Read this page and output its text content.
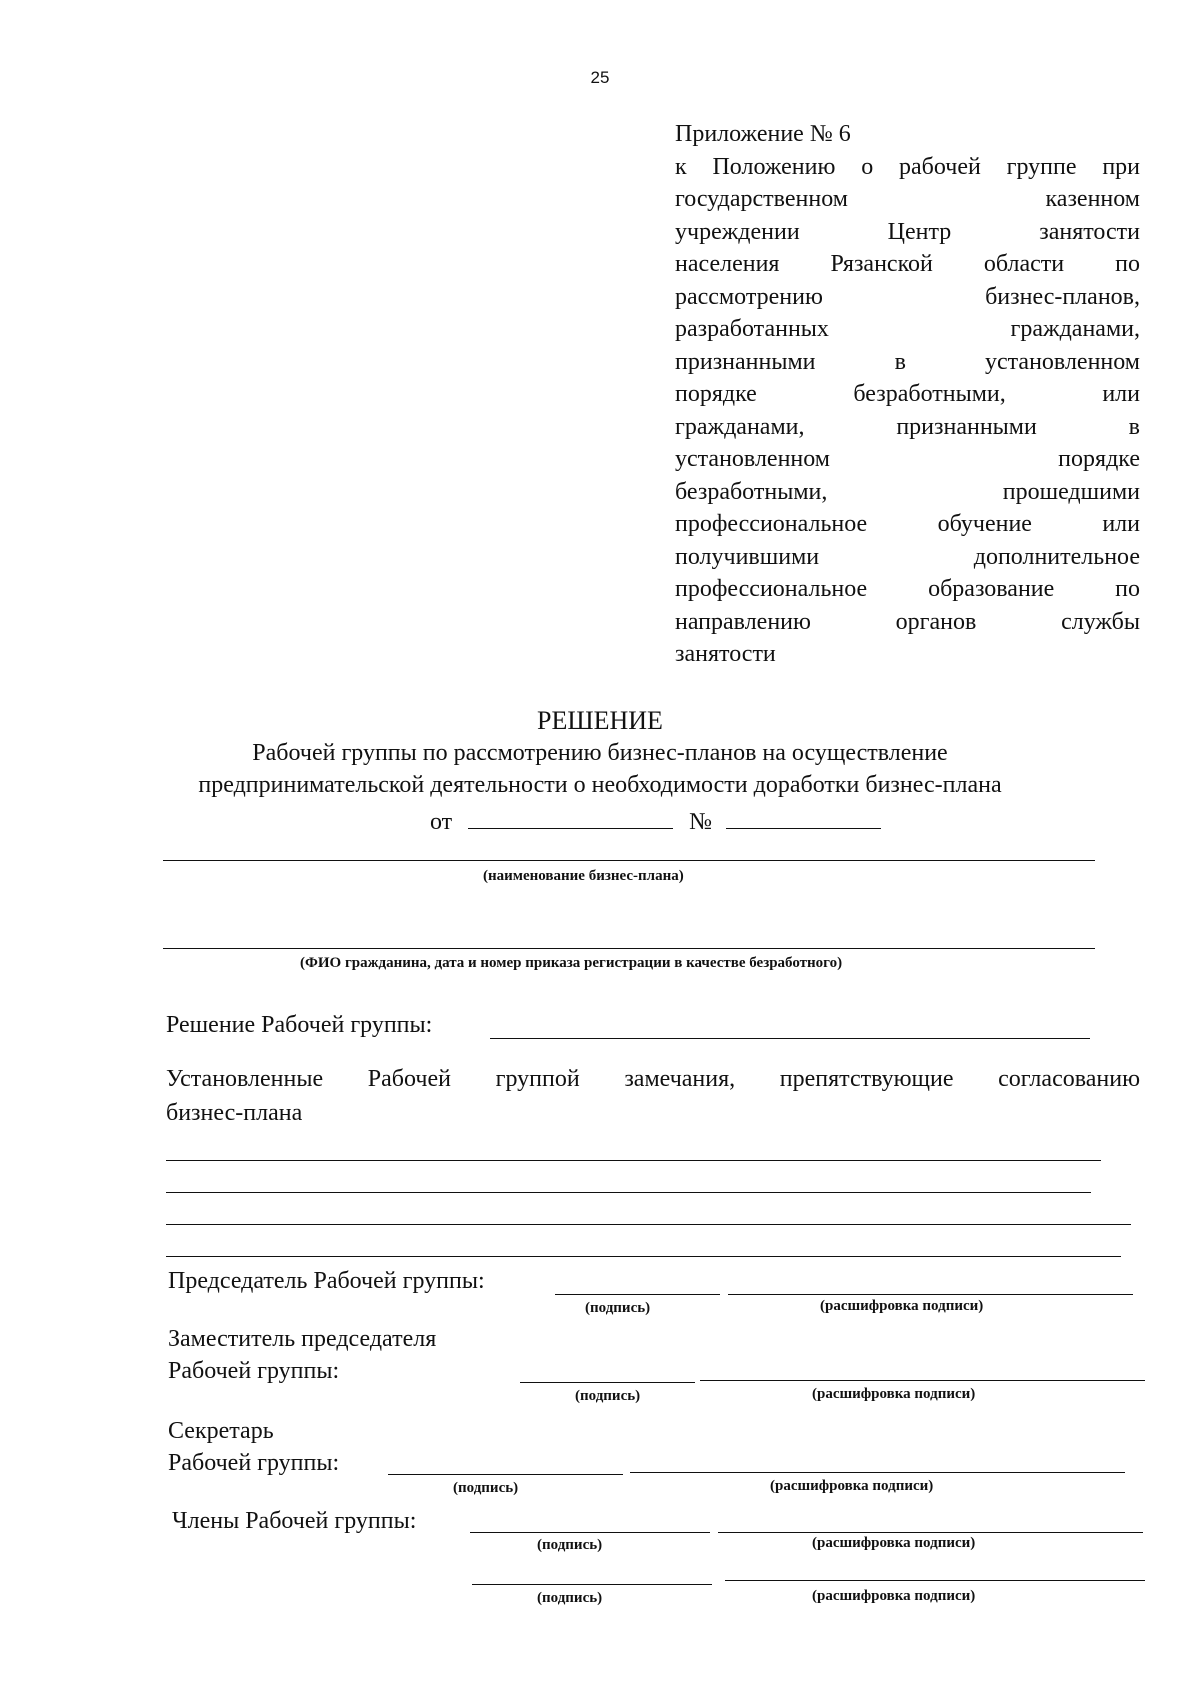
25
Приложение № 6
к Положению о рабочей группе при
государственном казенном
учреждении Центр занятости
населения Рязанской области по
рассмотрению бизнес-планов,
разработанных гражданами,
признанными в установленном
порядке безработными, или
гражданами, признанными в
установленном порядке
безработными, прошедшими
профессиональное обучение или
получившими дополнительное
профессиональное образование по
направлению органов службы
занятости
РЕШЕНИЕ
Рабочей группы по рассмотрению бизнес-планов на осуществление
предпринимательской деятельности о необходимости доработки бизнес-плана
от	№
(наименование бизнес-плана)
(ФИО гражданина, дата и номер приказа регистрации в качестве безработного)
Решение Рабочей группы:
Установленные Рабочей группой замечания, препятствующие согласованию
бизнес-плана
Председатель Рабочей группы:
(подпись)	(расшифровка подписи)
Заместитель председателя
Рабочей группы:
(подпись)	(расшифровка подписи)
Секретарь
Рабочей группы:
(подпись)	(расшифровка подписи)
Члены Рабочей группы:
(подпись)	(расшифровка подписи)
(подпись)	(расшифровка подписи)
